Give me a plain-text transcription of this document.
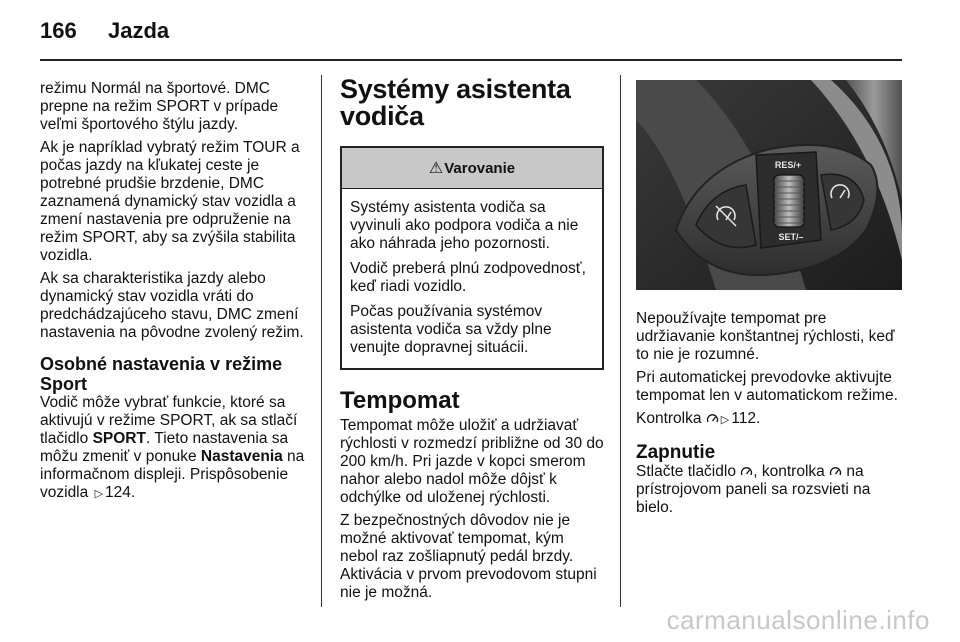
166	Jazda

režimu Normál na športové. DMC prepne na režim SPORT v prípade veľmi športového štýlu jazdy.

Ak je napríklad vybratý režim TOUR a počas jazdy na kľukatej ceste je potrebné prudšie brzdenie, DMC zaznamená dynamický stav vozidla a zmení nastavenia pre odpruženie na režim SPORT, aby sa zvýšila stabilita vozidla.

Ak sa charakteristika jazdy alebo dynamický stav vozidla vráti do predchádzajúceho stavu, DMC zmení nastavenia na pôvodne zvolený režim.

Osobné nastavenia v režime Sport

Vodič môže vybrať funkcie, ktoré sa aktivujú v režime SPORT, ak sa stlačí tlačidlo SPORT. Tieto nastavenia sa môžu zmeniť v ponuke Nastavenia na informačnom displeji. Prispôsobenie vozidla ▷ 124.

Systémy asistenta vodiča
⚠ Varovanie

Systémy asistenta vodiča sa vyvinuli ako podpora vodiča a nie ako náhrada jeho pozornosti.

Vodič preberá plnú zodpovednosť, keď riadi vozidlo.

Počas používania systémov asistenta vodiča sa vždy plne venujte dopravnej situácii.

Tempomat

Tempomat môže uložiť a udržiavať rýchlosti v rozmedzí približne od 30 do 200 km/h. Pri jazde v kopci smerom nahor alebo nadol môže dôjsť k odchýlke od uloženej rýchlosti.

Z bezpečnostných dôvodov nie je možné aktivovať tempomat, kým nebol raz zošliapnutý pedál brzdy. Aktivácia v prvom prevodovom stupni nie je možná.

RES/+
SET/–

Nepoužívajte tempomat pre udržiavanie konštantnej rýchlosti, keď to nie je rozumné.

Pri automatickej prevodovke aktivujte tempomat len v automatickom režime.

Kontrolka ▷ 112.

Zapnutie

Stlačte tlačidlo , kontrolka  na prístrojovom paneli sa rozsvieti na bielo.

carmanualsonline.info
